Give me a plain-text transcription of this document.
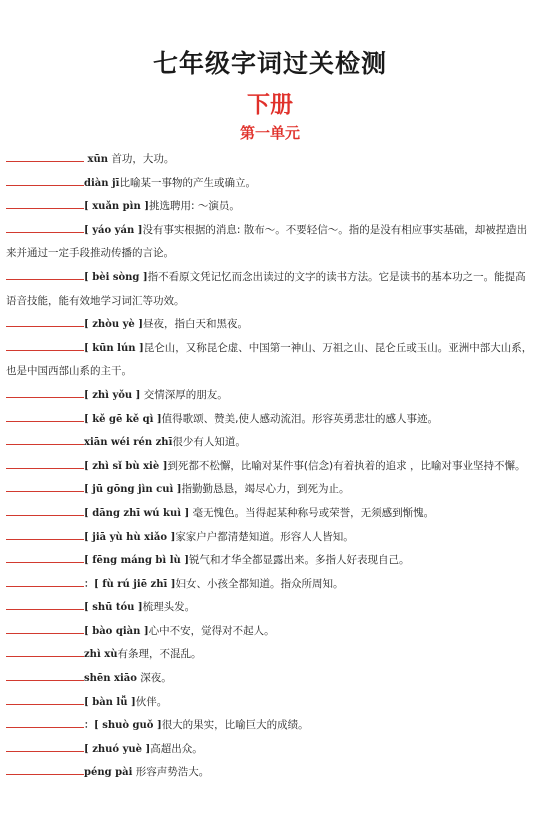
七年级字词过关检测
下册
第一单元

xūn 首功，大功。

diàn jī比喻某一事物的产生或确立。

[ xuǎn pìn ]挑选聘用: ～演员。

[ yáo yán ]没有事实根据的消息: 散布～。不要轻信～。指的是没有相应事实基础，却被捏造出来并通过一定手段推动传播的言论。

[ bèi sòng ]指不看原文凭记忆而念出读过的文字的读书方法。它是读书的基本功之一。能提高语音技能，能有效地学习词汇等功效。

[ zhòu yè ]昼夜，指白天和黑夜。

[ kūn lún ]昆仑山，又称昆仑虚、中国第一神山、万祖之山、昆仑丘或玉山。亚洲中部大山系，也是中国西部山系的主干。

[ zhì yǒu ] 交情深厚的朋友。

[ kě gē kě qì ]值得歌颂、赞美,使人感动流泪。形容英勇悲壮的感人事迹。

xiān wéi rén zhī很少有人知道。

[ zhì sǐ bù xiè ]到死都不松懈，比喻对某件事(信念)有着执着的追求 ，比喻对事业坚持不懈。

[ jū gōng jìn cuì ]指勤勤恳恳，竭尽心力，到死为止。

[ dāng zhī wú kuì ] 毫无愧色。当得起某种称号或荣誉，无须感到惭愧。

[ jiā yù hù xiǎo ]家家户户都清楚知道。形容人人皆知。

[ fēng máng bì lù ]锐气和才华全都显露出来。多指人好表现自己。

：[ fù rú jiē zhī ]妇女、小孩全都知道。指众所周知。

[ shū tóu ]梳理头发。

[ bào qiàn ]心中不安，觉得对不起人。

zhì xù有条理，不混乱。

shēn xiāo 深夜。

[ bàn lǚ ]伙伴。

：[ shuò guǒ ]很大的果实，比喻巨大的成绩。

[ zhuó yuè ]高超出众。

péng pài 形容声势浩大。
